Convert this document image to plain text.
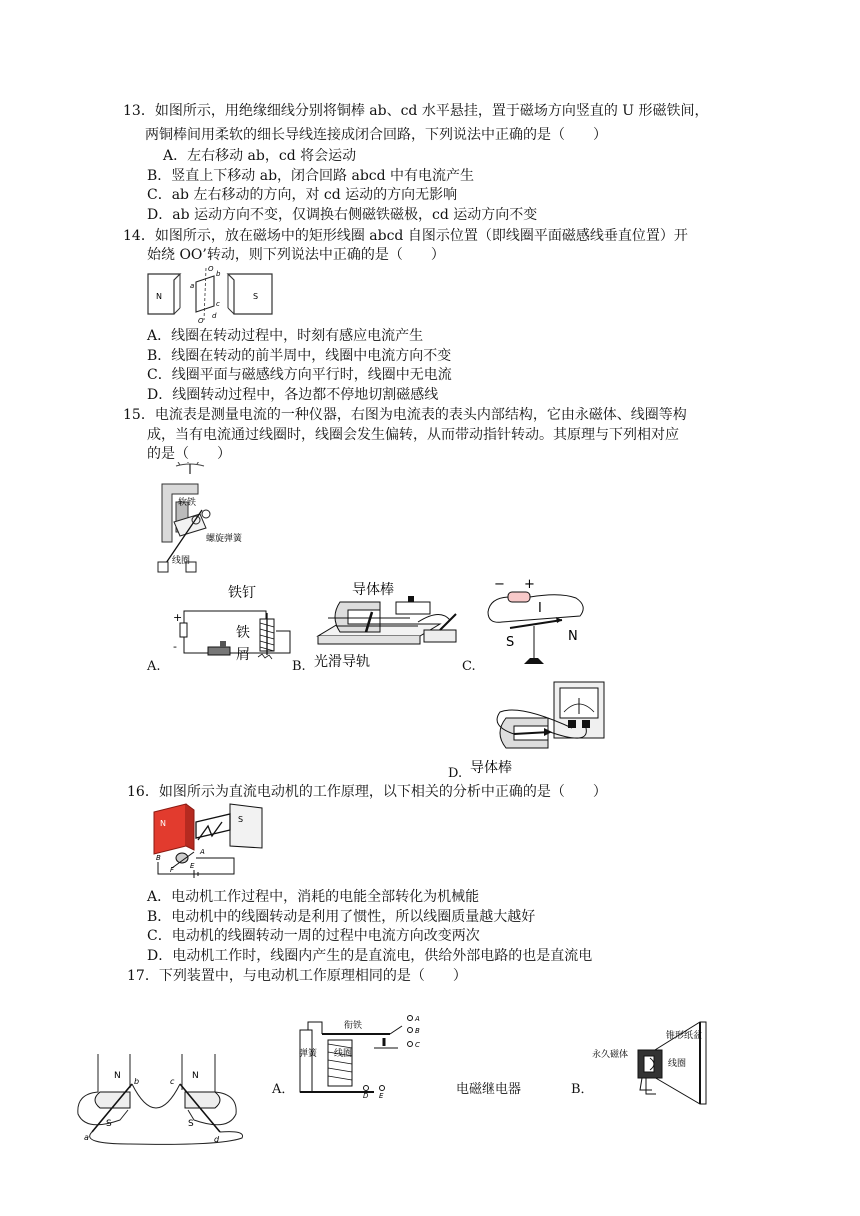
13．如图所示，用绝缘细线分别将铜棒 ab、cd 水平悬挂，置于磁场方向竖直的 U 形磁铁间，
两铜棒间用柔软的细长导线连接成闭合回路，下列说法中正确的是（　　）
A．左右移动 ab，cd 将会运动
B．竖直上下移动 ab，闭合回路 abcd 中有电流产生
C．ab 左右移动的方向，对 cd 运动的方向无影响
D．ab 运动方向不变，仅调换右侧磁铁磁极，cd 运动方向不变
14．如图所示，放在磁场中的矩形线圈 abcd 自图示位置（即线圈平面磁感线垂直位置）开
始绕 OO’转动，则下列说法中正确的是（　　）
N	S
O
O
a
b
c
d
A．线圈在转动过程中，时刻有感应电流产生
B．线圈在转动的前半周中，线圈中电流方向不变
C．线圈平面与磁感线方向平行时，线圈中无电流
D．线圈转动过程中，各边都不停地切割磁感线
15．电流表是测量电流的一种仪器，右图为电流表的表头内部结构，它由永磁体、线圈等构
成，当有电流通过线圈时，线圈会发生偏转，从而带动指针转动。其原理与下列相对应
的是（　　）
软铁
螺旋弹簧
线圈
+
-
铁钉
铁
屑
A.
导体棒
光滑导轨
B.
− +
I
S	N
C.
导体棒
D.
16．如图所示为直流电动机的工作原理，以下相关的分析中正确的是（　　）
N	S
B
A
F E
A．电动机工作过程中，消耗的电能全部转化为机械能
B．电动机中的线圈转动是利用了惯性，所以线圈质量越大越好
C．电动机的线圈转动一周的过程中电流方向改变两次
D．电动机工作时，线圈内产生的是直流电，供给外部电路的也是直流电
17．下列装置中，与电动机工作原理相同的是（　　）
N	N
S	S
b	c
a	d
衔铁
弹簧 线圈
A
B
C
D E
A．	电磁继电器
永久磁体
锥形纸盆
线圈
B．
